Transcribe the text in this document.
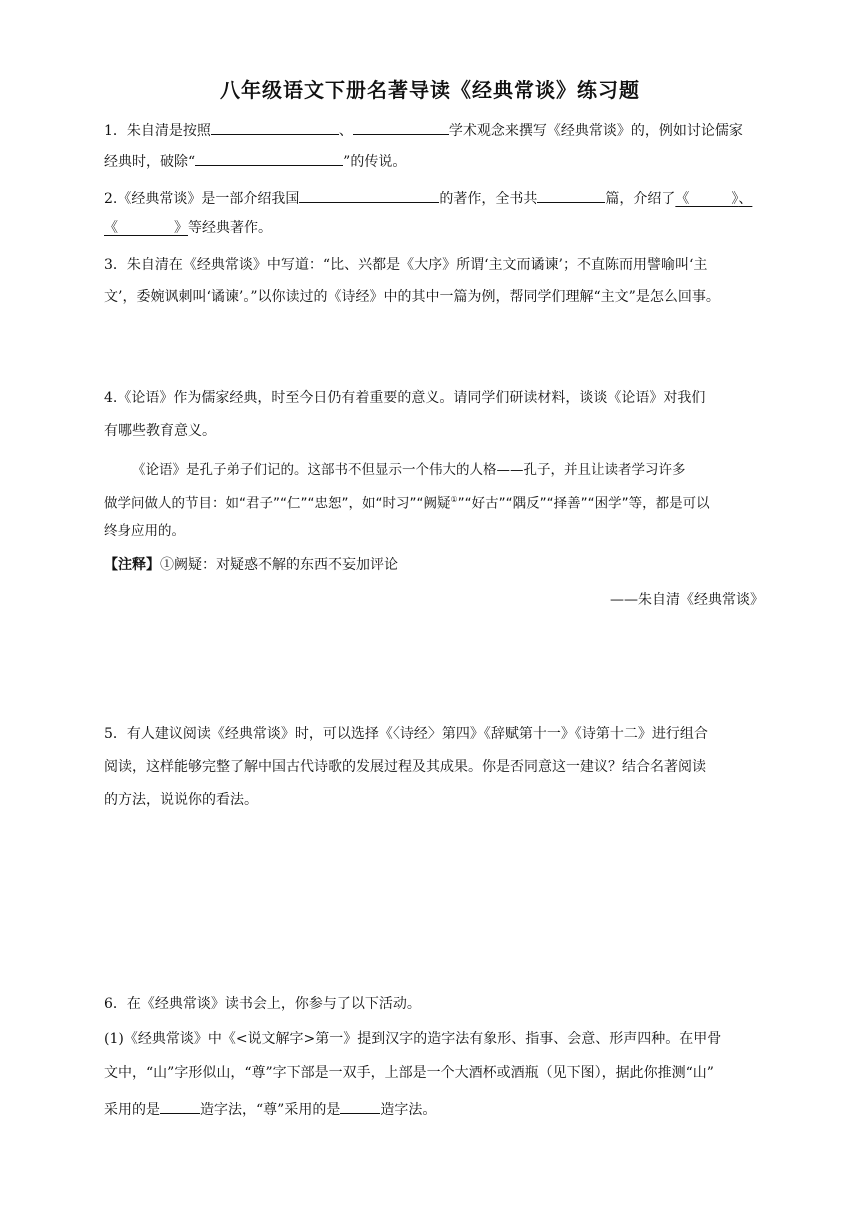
八年级语文下册名著导读《经典常谈》练习题
1．朱自清是按照	、	学术观念来撰写《经典常谈》的，例如讨论儒家
经典时，破除“	”的传说。
2.《经典常谈》是一部介绍我国	的著作，全书共	篇，介绍了《　　　》、
《　　　　》等经典著作。
3．朱自清在《经典常谈》中写道：“比、兴都是《大序》所谓‘主文而谲谏’；不直陈而用譬喻叫‘主
文’，委婉讽刺叫‘谲谏’。”以你读过的《诗经》中的其中一篇为例，帮同学们理解“主文”是怎么回事。
4.《论语》作为儒家经典，时至今日仍有着重要的意义。请同学们研读材料，谈谈《论语》对我们
有哪些教育意义。
《论语》是孔子弟子们记的。这部书不但显示一个伟大的人格——孔子，并且让读者学习许多
做学问做人的节目：如“君子”“仁”“忠恕”，如“时习”“阙疑①”“好古”“隅反”“择善”“困学”等，都是可以
终身应用的。
【注释】①阙疑：对疑惑不解的东西不妄加评论
——朱自清《经典常谈》
5．有人建议阅读《经典常谈》时，可以选择《〈诗经〉第四》《辞赋第十一》《诗第十二》进行组合
阅读，这样能够完整了解中国古代诗歌的发展过程及其成果。你是否同意这一建议？结合名著阅读
的方法，说说你的看法。
6．在《经典常谈》读书会上，你参与了以下活动。
(1)《经典常谈》中《<说文解字>第一》提到汉字的造字法有象形、指事、会意、形声四种。在甲骨
文中，“山”字形似山，“尊”字下部是一双手，上部是一个大酒杯或酒瓶（见下图），据此你推测“山”
采用的是	造字法，“尊”采用的是	造字法。
